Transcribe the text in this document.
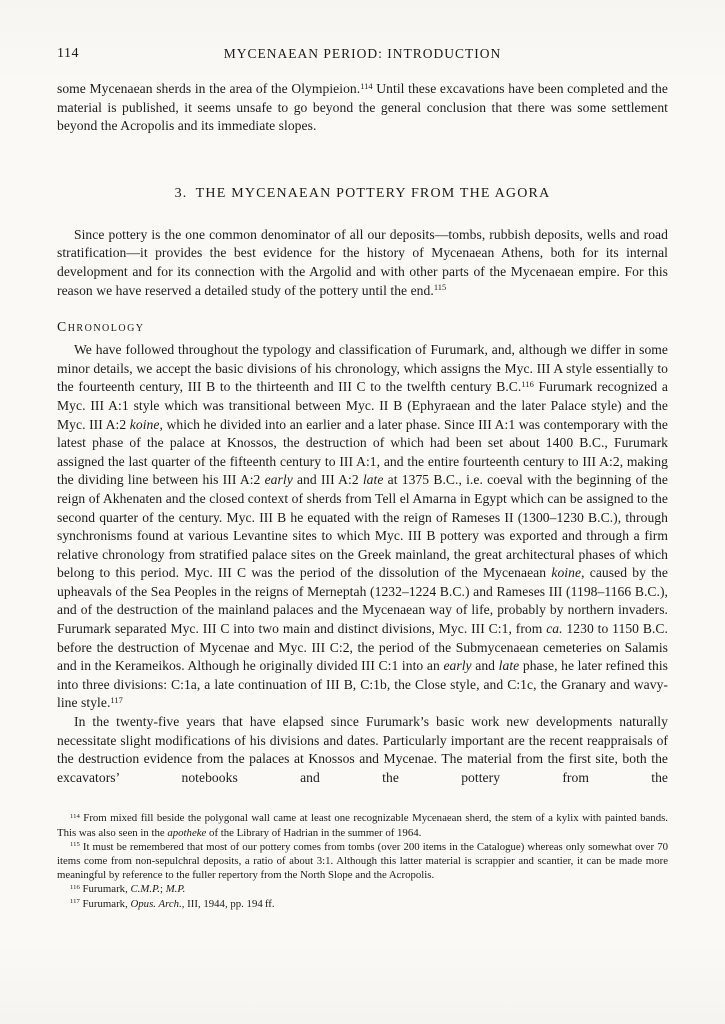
114	MYCENAEAN PERIOD: INTRODUCTION

some Mycenaean sherds in the area of the Olympieion.$^{114}$ Until these excavations have been completed and the material is published, it seems unsafe to go beyond the general conclusion that there was some settlement beyond the Acropolis and its immediate slopes.

3. THE MYCENAEAN POTTERY FROM THE AGORA

Since pottery is the one common denominator of all our deposits—tombs, rubbish deposits, wells and road stratification—it provides the best evidence for the history of Mycenaean Athens, both for its internal development and for its connection with the Argolid and with other parts of the Mycenaean empire. For this reason we have reserved a detailed study of the pottery until the end.$^{115}$

Chronology

We have followed throughout the typology and classification of Furumark, and, although we differ in some minor details, we accept the basic divisions of his chronology, which assigns the Myc. III A style essentially to the fourteenth century, III B to the thirteenth and III C to the twelfth century B.C.$^{116}$ Furumark recognized a Myc. III A:1 style which was transitional between Myc. II B (Ephyraean and the later Palace style) and the Myc. III A:2 koine, which he divided into an earlier and a later phase. Since III A:1 was contemporary with the latest phase of the palace at Knossos, the destruction of which had been set about 1400 B.C., Furumark assigned the last quarter of the fifteenth century to III A:1, and the entire fourteenth century to III A:2, making the dividing line between his III A:2 early and III A:2 late at 1375 B.C., i.e. coeval with the beginning of the reign of Akhenaten and the closed context of sherds from Tell el Amarna in Egypt which can be assigned to the second quarter of the century. Myc. III B he equated with the reign of Rameses II (1300–1230 B.C.), through synchronisms found at various Levantine sites to which Myc. III B pottery was exported and through a firm relative chronology from stratified palace sites on the Greek mainland, the great architectural phases of which belong to this period. Myc. III C was the period of the dissolution of the Mycenaean koine, caused by the upheavals of the Sea Peoples in the reigns of Merneptah (1232–1224 B.C.) and Rameses III (1198–1166 B.C.), and of the destruction of the mainland palaces and the Mycenaean way of life, probably by northern invaders. Furumark separated Myc. III C into two main and distinct divisions, Myc. III C:1, from ca. 1230 to 1150 B.C. before the destruction of Mycenae and Myc. III C:2, the period of the Submycenaean cemeteries on Salamis and in the Kerameikos. Although he originally divided III C:1 into an early and late phase, he later refined this into three divisions: C:1a, a late continuation of III B, C:1b, the Close style, and C:1c, the Granary and wavy-line style.$^{117}$

In the twenty-five years that have elapsed since Furumark’s basic work new developments naturally necessitate slight modifications of his divisions and dates. Particularly important are the recent reappraisals of the destruction evidence from the palaces at Knossos and Mycenae. The material from the first site, both the excavators’ notebooks and the pottery from the

$^{114}$ From mixed fill beside the polygonal wall came at least one recognizable Mycenaean sherd, the stem of a kylix with painted bands. This was also seen in the apotheke of the Library of Hadrian in the summer of 1964.

$^{115}$ It must be remembered that most of our pottery comes from tombs (over 200 items in the Catalogue) whereas only somewhat over 70 items come from non-sepulchral deposits, a ratio of about 3:1. Although this latter material is scrappier and scantier, it can be made more meaningful by reference to the fuller repertory from the North Slope and the Acropolis.

$^{116}$ Furumark, C.M.P.; M.P.

$^{117}$ Furumark, Opus. Arch., III, 1944, pp. 194 ff.
